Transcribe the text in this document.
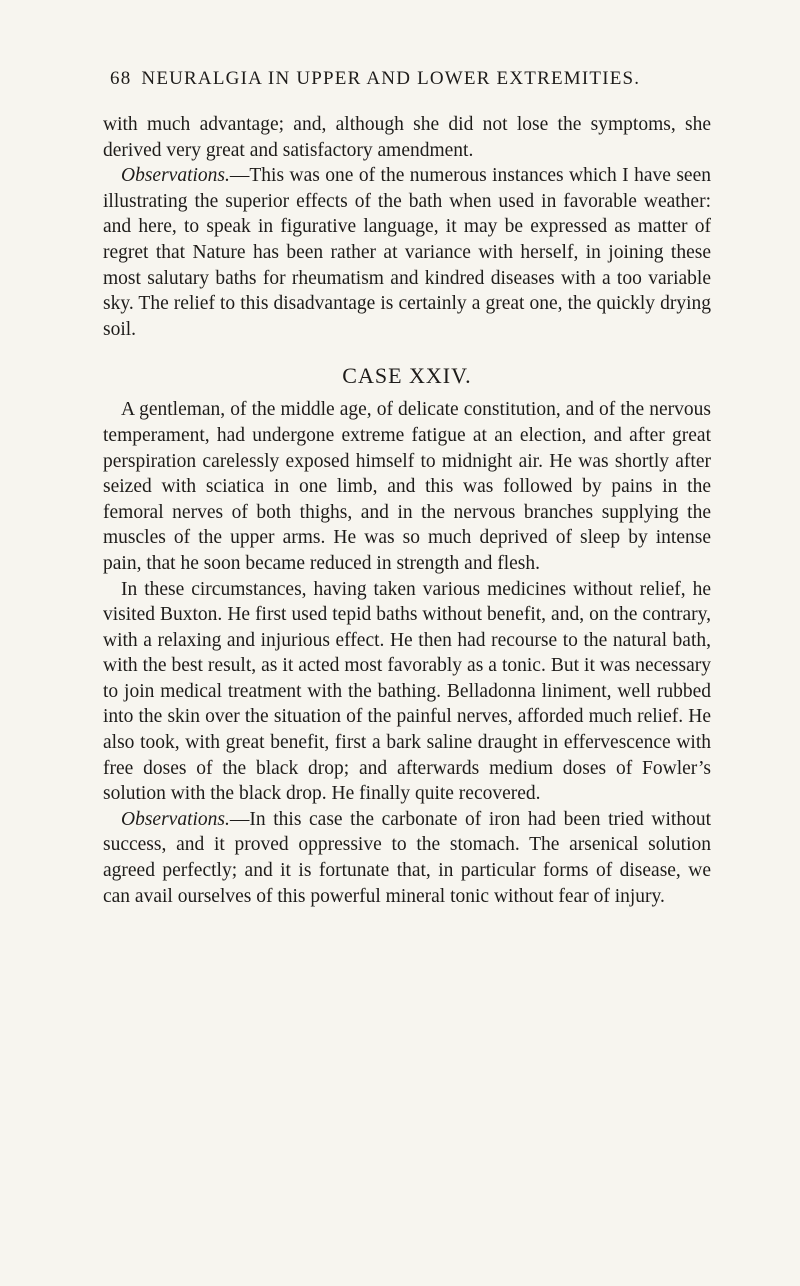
68 NEURALGIA IN UPPER AND LOWER EXTREMITIES.

with much advantage; and, although she did not lose the symptoms, she derived very great and satisfactory amendment.

Observations.—This was one of the numerous instances which I have seen illustrating the superior effects of the bath when used in favorable weather: and here, to speak in figurative language, it may be expressed as matter of regret that Nature has been rather at variance with herself, in joining these most salutary baths for rheumatism and kindred diseases with a too variable sky. The relief to this disadvantage is certainly a great one, the quickly drying soil.

CASE XXIV.

A gentleman, of the middle age, of delicate constitution, and of the nervous temperament, had undergone extreme fatigue at an election, and after great perspiration carelessly exposed himself to midnight air. He was shortly after seized with sciatica in one limb, and this was followed by pains in the femoral nerves of both thighs, and in the nervous branches supplying the muscles of the upper arms. He was so much deprived of sleep by intense pain, that he soon became reduced in strength and flesh.

In these circumstances, having taken various medicines without relief, he visited Buxton. He first used tepid baths without benefit, and, on the contrary, with a relaxing and injurious effect. He then had recourse to the natural bath, with the best result, as it acted most favorably as a tonic. But it was necessary to join medical treatment with the bathing. Belladonna liniment, well rubbed into the skin over the situation of the painful nerves, afforded much relief. He also took, with great benefit, first a bark saline draught in effervescence with free doses of the black drop; and afterwards medium doses of Fowler’s solution with the black drop. He finally quite recovered.

Observations.—In this case the carbonate of iron had been tried without success, and it proved oppressive to the stomach. The arsenical solution agreed perfectly; and it is fortunate that, in particular forms of disease, we can avail ourselves of this powerful mineral tonic without fear of injury.
